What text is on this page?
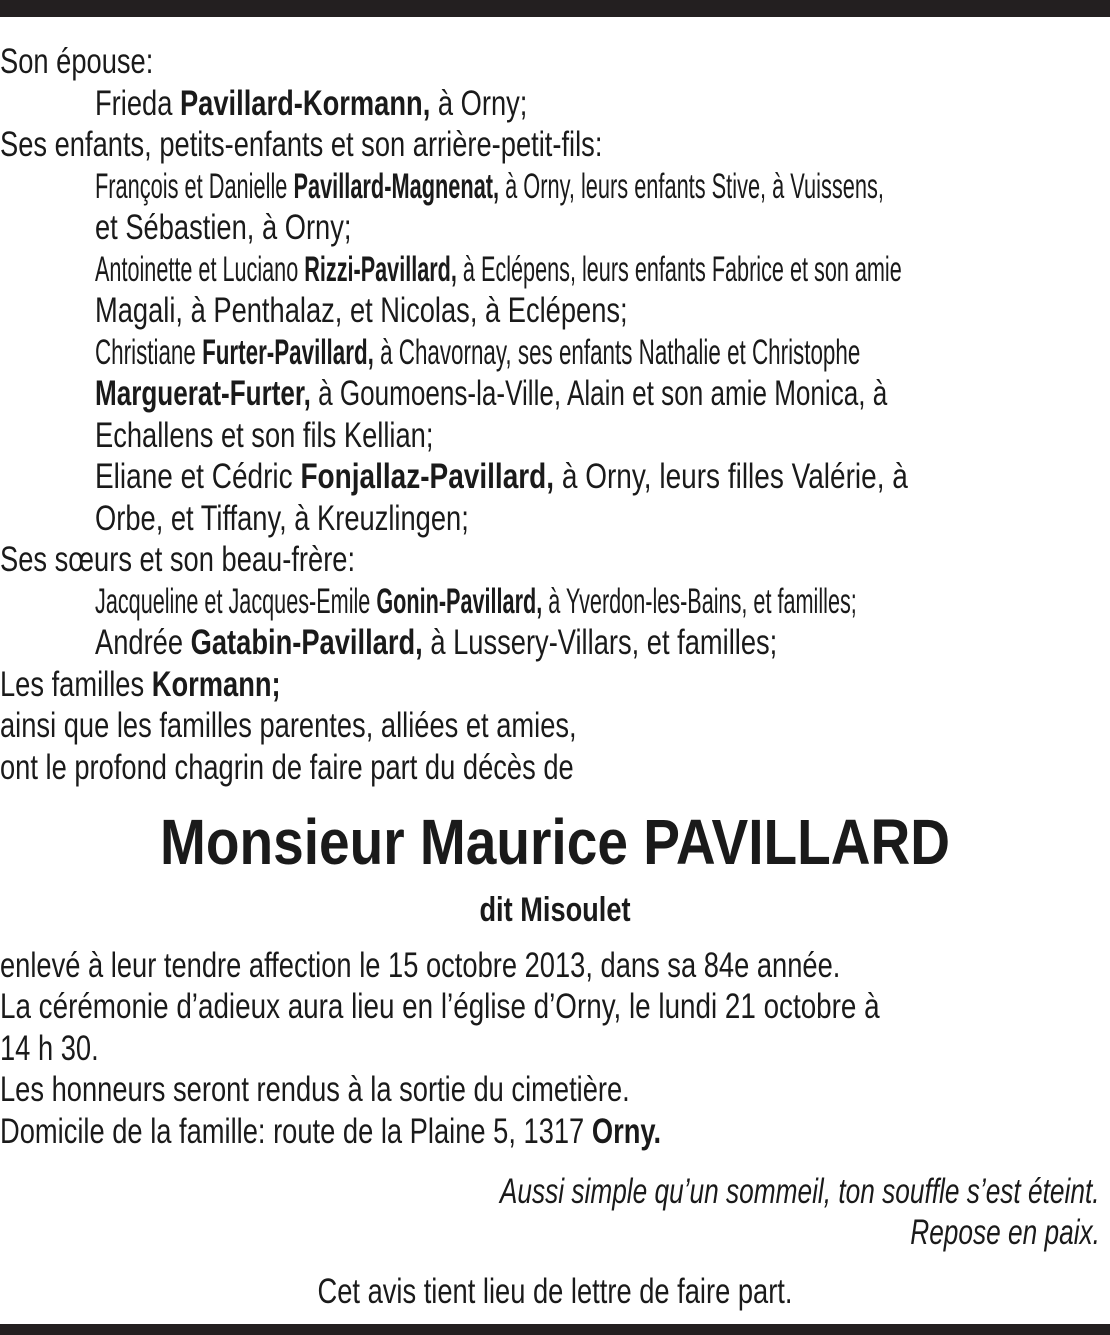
Son épouse:
Frieda Pavillard-Kormann, à Orny;
Ses enfants, petits-enfants et son arrière-petit-fils:
François et Danielle Pavillard-Magnenat, à Orny, leurs enfants Stive, à Vuissens,
et Sébastien, à Orny;
Antoinette et Luciano Rizzi-Pavillard, à Eclépens, leurs enfants Fabrice et son amie
Magali, à Penthalaz, et Nicolas, à Eclépens;
Christiane Furter-Pavillard, à Chavornay, ses enfants Nathalie et Christophe
Marguerat-Furter, à Goumoens-la-Ville, Alain et son amie Monica, à
Echallens et son fils Kellian;
Eliane et Cédric Fonjallaz-Pavillard, à Orny, leurs filles Valérie, à
Orbe, et Tiffany, à Kreuzlingen;
Ses sœurs et son beau-frère:
Jacqueline et Jacques-Emile Gonin-Pavillard, à Yverdon-les-Bains, et familles;
Andrée Gatabin-Pavillard, à Lussery-Villars, et familles;
Les familles Kormann;
ainsi que les familles parentes, alliées et amies,
ont le profond chagrin de faire part du décès de
Monsieur Maurice PAVILLARD
dit Misoulet
enlevé à leur tendre affection le 15 octobre 2013, dans sa 84e année.
La cérémonie d’adieux aura lieu en l’église d’Orny, le lundi 21 octobre à
14 h 30.
Les honneurs seront rendus à la sortie du cimetière.
Domicile de la famille: route de la Plaine 5, 1317 Orny.
Aussi simple qu’un sommeil, ton souffle s’est éteint.
Repose en paix.
Cet avis tient lieu de lettre de faire part.
